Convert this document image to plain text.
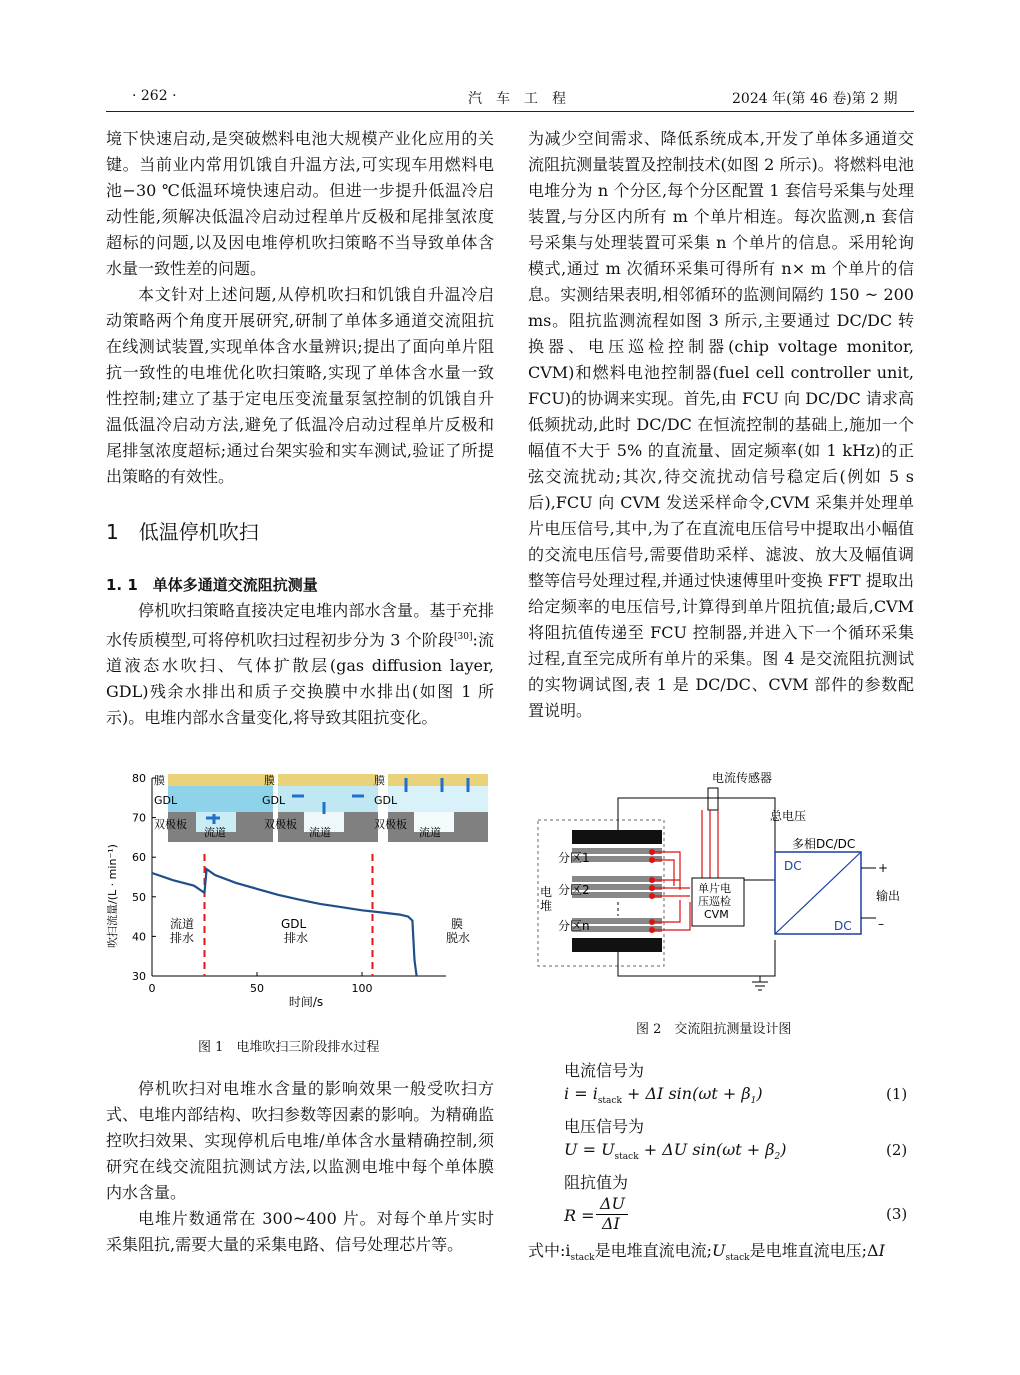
· 262 ·	汽　车　工　程	2024 年(第 46 卷)第 2 期

境下快速启动,是突破燃料电池大规模产业化应用的关键。当前业内常用饥饿自升温方法,可实现车用燃料电池−30 ℃低温环境快速启动。但进一步提升低温冷启动性能,须解决低温冷启动过程单片反极和尾排氢浓度超标的问题,以及因电堆停机吹扫策略不当导致单体含水量一致性差的问题。

本文针对上述问题,从停机吹扫和饥饿自升温冷启动策略两个角度开展研究,研制了单体多通道交流阻抗在线测试装置,实现单体含水量辨识;提出了面向单片阻抗一致性的电堆优化吹扫策略,实现了单体含水量一致性控制;建立了基于定电压变流量泵氢控制的饥饿自升温低温冷启动方法,避免了低温冷启动过程单片反极和尾排氢浓度超标;通过台架实验和实车测试,验证了所提出策略的有效性。

1　低温停机吹扫
1. 1　单体多通道交流阻抗测量

停机吹扫策略直接决定电堆内部水含量。基于充排水传质模型,可将停机吹扫过程初步分为 3 个阶段[30]:流道液态水吹扫、气体扩散层(gas diffusion layer, GDL)残余水排出和质子交换膜中水排出(如图 1 所示)。电堆内部水含量变化,将导致其阻抗变化。

30
40
50
60
70
80
0	50	100
吹扫流量/(L · min⁻¹)
时间/s
流道	流道	流道
膜
GDL
双极板
膜
GDL
双极板
膜
GDL
双极板
流道排水
GDL 排水
膜脱水
图 1　电堆吹扫三阶段排水过程

停机吹扫对电堆水含量的影响效果一般受吹扫方式、电堆内部结构、吹扫参数等因素的影响。为精确监控吹扫效果、实现停机后电堆/单体含水量精确控制,须研究在线交流阻抗测试方法,以监测电堆中每个单体膜内水含量。

电堆片数通常在 300~400 片。对每个单片实时采集阻抗,需要大量的采集电路、信号处理芯片等。

为减少空间需求、降低系统成本,开发了单体多通道交流阻抗测量装置及控制技术(如图 2 所示)。将燃料电池电堆分为 n 个分区,每个分区配置 1 套信号采集与处理装置,与分区内所有 m 个单片相连。每次监测,n 套信号采集与处理装置可采集 n 个单片的信息。采用轮询模式,通过 m 次循环采集可得所有 n× m 个单片的信息。实测结果表明,相邻循环的监测间隔约 150 ~ 200 ms。阻抗监测流程如图 3 所示,主要通过 DC/DC 转换器、电压巡检控制器(chip voltage monitor, CVM)和燃料电池控制器(fuel cell controller unit, FCU)的协调来实现。首先,由 FCU 向 DC/DC 请求高低频扰动,此时 DC/DC 在恒流控制的基础上,施加一个幅值不大于 5% 的直流量、固定频率(如 1 kHz)的正弦交流扰动;其次,待交流扰动信号稳定后(例如 5 s 后),FCU 向 CVM 发送采样命令,CVM 采集并处理单片电压信号,其中,为了在直流电压信号中提取出小幅值的交流电压信号,需要借助采样、滤波、放大及幅值调整等信号处理过程,并通过快速傅里叶变换 FFT 提取出给定频率的电压信号,计算得到单片阻抗值;最后,CVM 将阻抗值传递至 FCU 控制器,并进入下一个循环采集过程,直至完成所有单片的采集。图 4 是交流阻抗测试的实物调试图,表 1 是 DC/DC、CVM 部件的参数配置说明。

电流传感器
总电压
多相DC/DC
电堆
分区1
分区2
分区n
单片电压巡检 CVM
DC
DC
+
输出
–
图 2　交流阻抗测量设计图
电流信号为
$i = i_{stack} + \Delta I$ $\sin(\omega t + \beta_1)$	(1)
电压信号为
$U = U_{stack} + \Delta U$ $\sin(\omega t + \beta_2)$	(2)
阻抗值为
R =
ΔU
ΔI	(3)

式中$:i_{stack}$是电堆直流电流$;U_{stack}$是电堆直流电压;ΔI
